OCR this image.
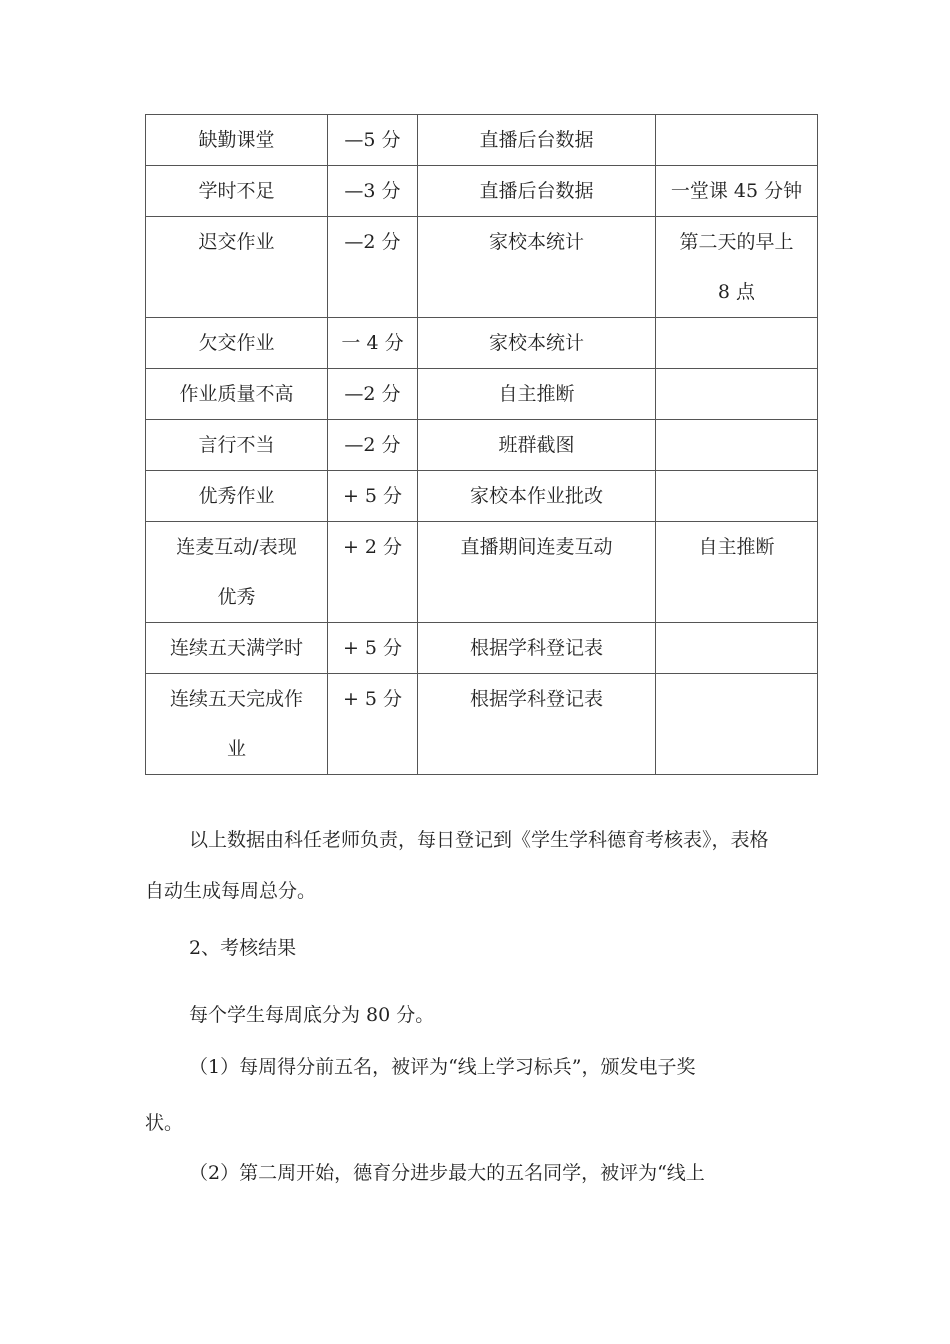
缺勤课堂	—5 分	直播后台数据	

学时不足	—3 分	直播后台数据	一堂课 45 分钟

迟交作业	—2 分	家校本统计	第二天的早上
8 点

欠交作业	一 4 分	家校本统计	

作业质量不高	—2 分	自主推断	

言行不当	—2 分	班群截图	

优秀作业	+ 5 分	家校本作业批改	

连麦互动/表现
优秀	+ 2 分	直播期间连麦互动	自主推断

连续五天满学时	+ 5 分	根据学科登记表	

连续五天完成作
业	+ 5 分	根据学科登记表	

以上数据由科任老师负责，每日登记到《学生学科德育考核表》，表格
自动生成每周总分。
2、考核结果
每个学生每周底分为 80 分。
（1）每周得分前五名，被评为“线上学习标兵”，颁发电子奖
状。
（2）第二周开始，德育分进步最大的五名同学，被评为“线上
